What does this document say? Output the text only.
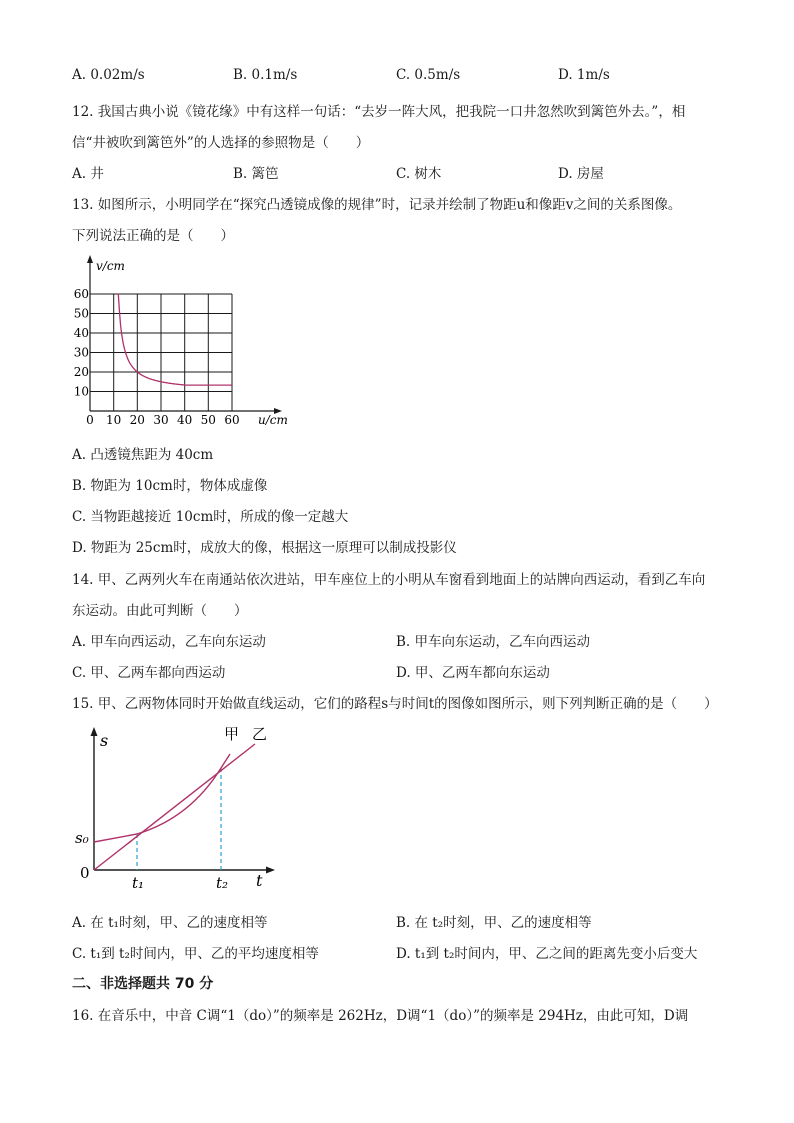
A. 0.02m/s	B. 0.1m/s	C. 0.5m/s	D. 1m/s
12. 我国古典小说《镜花缘》中有这样一句话：“去岁一阵大风，把我院一口井忽然吹到篱笆外去。”，相
信“井被吹到篱笆外”的人选择的参照物是（　　）
A. 井	B. 篱笆	C. 树木	D. 房屋
13. 如图所示，小明同学在“探究凸透镜成像的规律”时，记录并绘制了物距u和像距v之间的关系图像。
下列说法正确的是（　　）
v/cm
u/cm
10
20
30
40
50
60
0 10 20 30 40 50 60
A. 凸透镜焦距为 40cm
B. 物距为 10cm时，物体成虚像
C. 当物距越接近 10cm时，所成的像一定越大
D. 物距为 25cm时，成放大的像，根据这一原理可以制成投影仪
14. 甲、乙两列火车在南通站依次进站，甲车座位上的小明从车窗看到地面上的站牌向西运动，看到乙车向
东运动。由此可判断（　　）
A. 甲车向西运动，乙车向东运动	B. 甲车向东运动，乙车向西运动
C. 甲、乙两车都向西运动	D. 甲、乙两车都向东运动
15. 甲、乙两物体同时开始做直线运动，它们的路程s与时间t的图像如图所示，则下列判断正确的是（　　）
s
t
0
s₀
t₁	t₂
甲 乙
A. 在 t₁时刻，甲、乙的速度相等	B. 在 t₂时刻，甲、乙的速度相等
C. t₁到 t₂时间内，甲、乙的平均速度相等	D. t₁到 t₂时间内，甲、乙之间的距离先变小后变大
二、非选择题共 70 分
16. 在音乐中，中音 C调“1（do）”的频率是 262Hz，D调“1（do）”的频率是 294Hz，由此可知，D调
